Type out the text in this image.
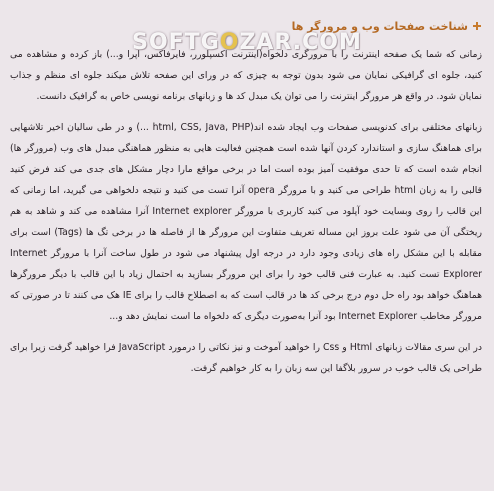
شناخت صفحات وب و مرورگر ها

زمانی که شما یک صفحه اینترنت را با مرورگری دلخواه(اینترنت اکسپلورر، فایرفاکس، اپرا و...) باز کرده و مشاهده می کنید، جلوه ای گرافیکی نمایان می شود بدون توجه به چیزی که در ورای این صفحه تلاش میکند جلوه ای منظم و جذاب نمایان شود. در واقع هر مرورگر اینترنت را می توان یک مبدل کد ها و زبانهای برنامه نویسی خاص به گرافیک دانست.

زبانهای مختلفی برای کدنویسی صفحات وب ایجاد شده اند(html, CSS, Java, PHP ...) و در طی سالیان اخیر تلاشهایی برای هماهنگ سازی و استاندارد کردن آنها شده است همچنین فعالیت هایی به منظور هماهنگی مبدل های وب (مرورگر ها) انجام شده است که تا حدی موفقیت آمیز بوده است اما در برخی مواقع مارا دچار مشکل های جدی می کند فرض کنید قالبی را به زبان html طراحی می کنید و با مرورگر opera آنرا تست می کنید و نتیجه دلخواهی می گیرید، اما زمانی که این قالب را روی وبسایت خود آپلود می کنید کاربری با مرورگر Internet explorer آنرا مشاهده می کند و شاهد به هم ریختگی آن می شود علت بروز این مساله تعریف متفاوت این مرورگر ها از فاصله ها در برخی تگ ها (Tags) است برای مقابله با این مشکل راه های زیادی وجود دارد در درجه اول پیشنهاد می شود در طول ساخت آنرا با مرورگر Internet Explorer تست کنید. به عبارت فنی قالب خود را برای این مرورگر بسازید به احتمال زیاد با این قالب با دیگر مرورگرها هماهنگ خواهد بود راه حل دوم درج برخی کد ها در قالب است که به اصطلاح قالب را برای IE هک می کنند تا در صورتی که مرورگر مخاطب Internet Explorer بود آنرا به‌صورت دیگری که دلخواه ما است نمایش دهد و...

در این سری مقالات زبانهای Html و Css را خواهید آموخت و نیز نکاتی را درمورد JavaScript فرا خواهید گرفت زیرا برای طراحی یک قالب خوب در سرور بلاگفا این سه زبان را به کار خواهیم گرفت.

SOFTGOZAR.COM
